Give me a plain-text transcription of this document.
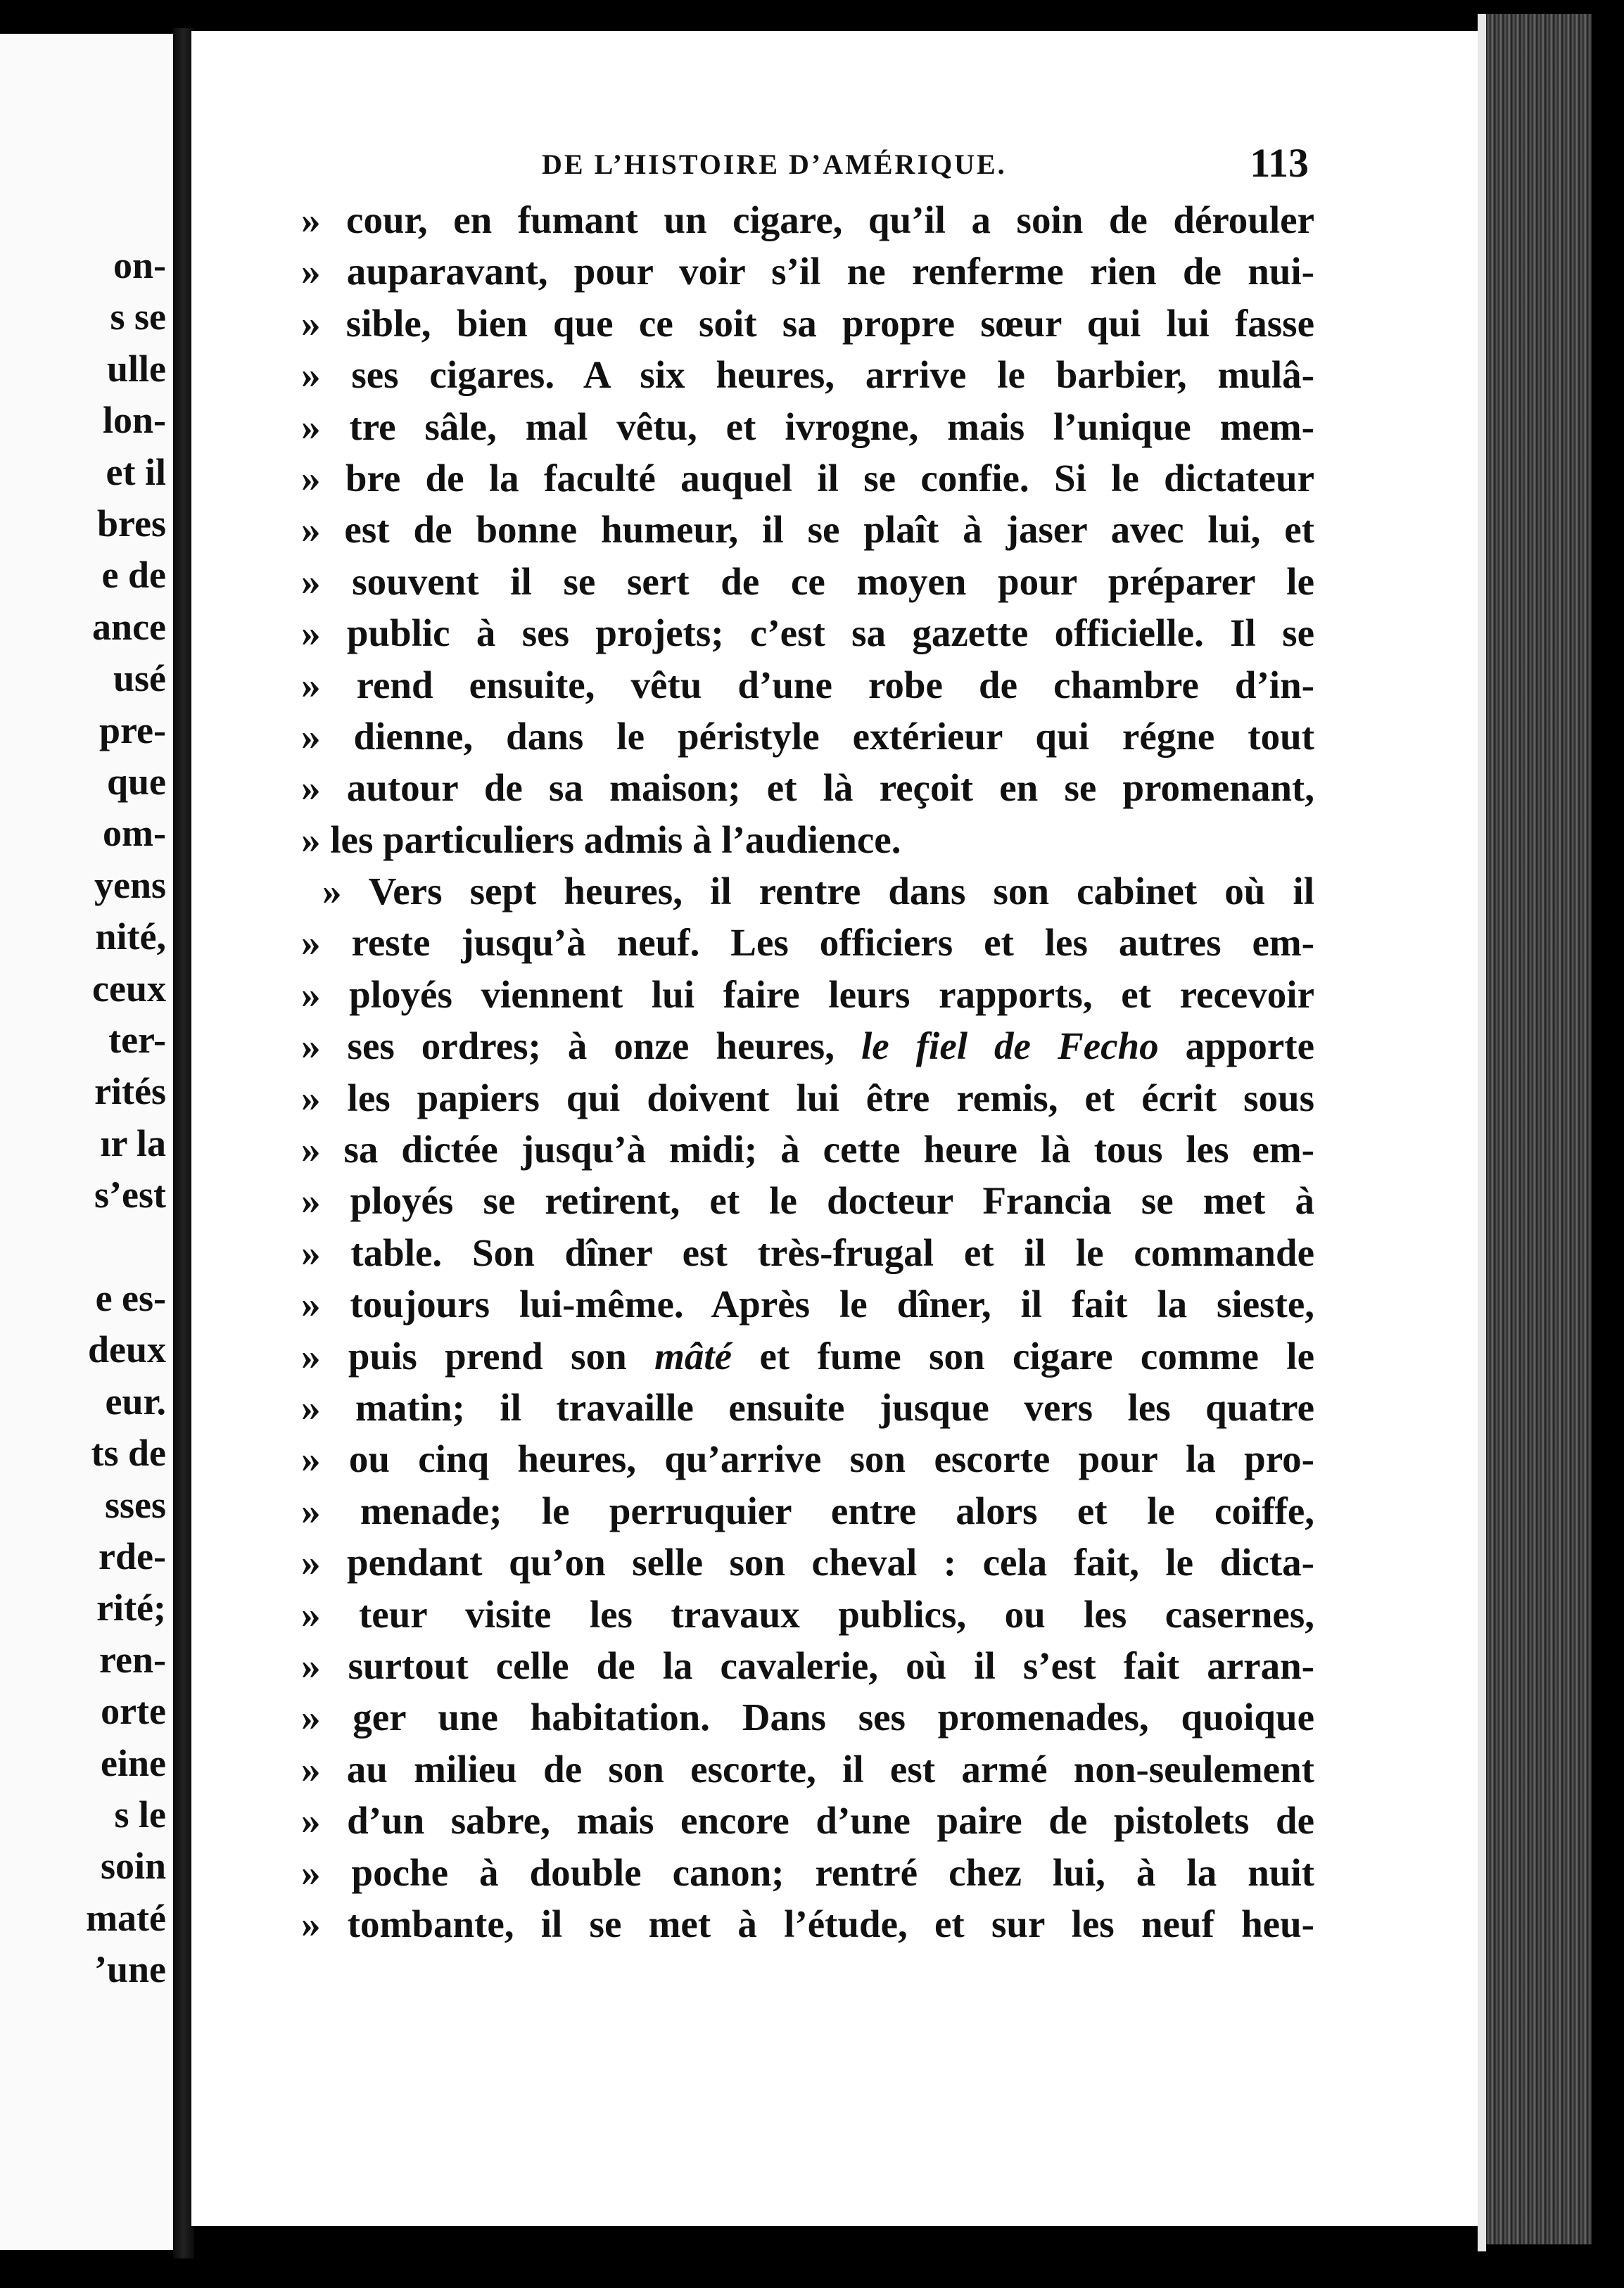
on-
s se
ulle
lon-
et il
bres
e de
ance
usé
pre-
que
om-
yens
nité,
ceux
ter-
rités
ır la
s’est
e es-
deux
eur.
ts de
sses
rde-
rité;
ren-
orte
eine
s le
soin
maté
’une
DE L’HISTOIRE D’AMÉRIQUE.	113
» cour, en fumant un cigare, qu’il a soin de dérouler
» auparavant, pour voir s’il ne renferme rien de nui-
» sible, bien que ce soit sa propre sœur qui lui fasse
» ses cigares. A six heures, arrive le barbier, mulâ-
» tre sâle, mal vêtu, et ivrogne, mais l’unique mem-
» bre de la faculté auquel il se confie. Si le dictateur
» est de bonne humeur, il se plaît à jaser avec lui, et
» souvent il se sert de ce moyen pour préparer le
» public à ses projets; c’est sa gazette officielle. Il se
» rend ensuite, vêtu d’une robe de chambre d’in-
» dienne, dans le péristyle extérieur qui régne tout
» autour de sa maison; et là reçoit en se promenant,
» les particuliers admis à l’audience.
» Vers sept heures, il rentre dans son cabinet où il
» reste jusqu’à neuf. Les officiers et les autres em-
» ployés viennent lui faire leurs rapports, et recevoir
» ses ordres; à onze heures, le fiel de Fecho apporte
» les papiers qui doivent lui être remis, et écrit sous
» sa dictée jusqu’à midi; à cette heure là tous les em-
» ployés se retirent, et le docteur Francia se met à
» table. Son dîner est très-frugal et il le commande
» toujours lui-même. Après le dîner, il fait la sieste,
» puis prend son mâté et fume son cigare comme le
» matin; il travaille ensuite jusque vers les quatre
» ou cinq heures, qu’arrive son escorte pour la pro-
» menade; le perruquier entre alors et le coiffe,
» pendant qu’on selle son cheval : cela fait, le dicta-
» teur visite les travaux publics, ou les casernes,
» surtout celle de la cavalerie, où il s’est fait arran-
» ger une habitation. Dans ses promenades, quoique
» au milieu de son escorte, il est armé non-seulement
» d’un sabre, mais encore d’une paire de pistolets de
» poche à double canon; rentré chez lui, à la nuit
» tombante, il se met à l’étude, et sur les neuf heu-
